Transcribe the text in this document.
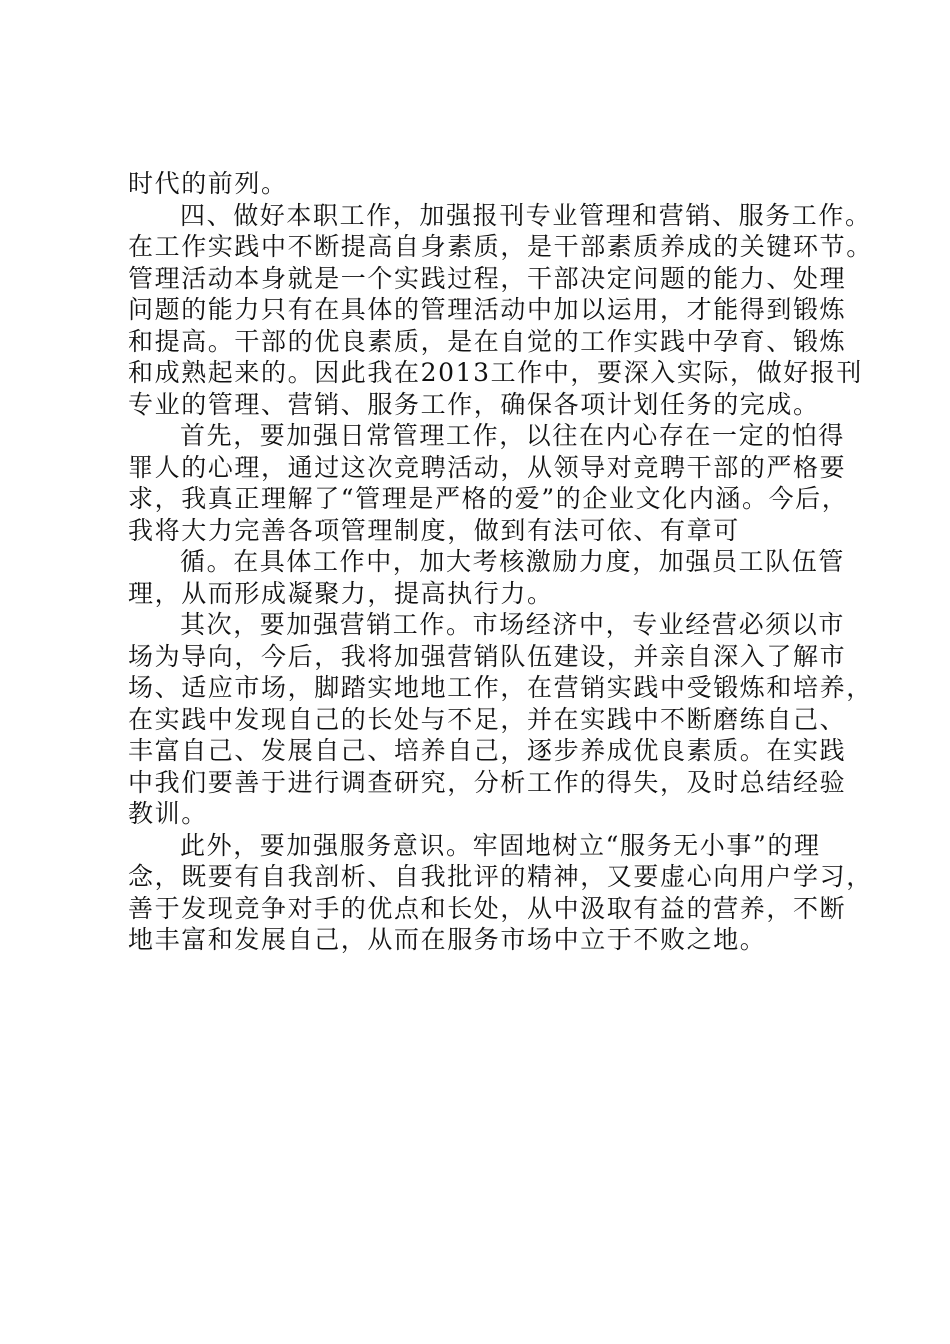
时代的前列。
四、做好本职工作，加强报刊专业管理和营销、服务工作。
在工作实践中不断提高自身素质，是干部素质养成的关键环节。
管理活动本身就是一个实践过程，干部决定问题的能力、处理
问题的能力只有在具体的管理活动中加以运用，才能得到锻炼
和提高。干部的优良素质，是在自觉的工作实践中孕育、锻炼
和成熟起来的。因此我在2013工作中，要深入实际，做好报刊
专业的管理、营销、服务工作，确保各项计划任务的完成。
首先，要加强日常管理工作，以往在内心存在一定的怕得
罪人的心理，通过这次竞聘活动，从领导对竞聘干部的严格要
求，我真正理解了“管理是严格的爱”的企业文化内涵。今后，
我将大力完善各项管理制度，做到有法可依、有章可
循。在具体工作中，加大考核激励力度，加强员工队伍管
理，从而形成凝聚力，提高执行力。
其次，要加强营销工作。市场经济中，专业经营必须以市
场为导向，今后，我将加强营销队伍建设，并亲自深入了解市
场、适应市场，脚踏实地地工作，在营销实践中受锻炼和培养，
在实践中发现自己的长处与不足，并在实践中不断磨练自己、
丰富自己、发展自己、培养自己，逐步养成优良素质。在实践
中我们要善于进行调查研究，分析工作的得失，及时总结经验
教训。
此外，要加强服务意识。牢固地树立“服务无小事”的理
念，既要有自我剖析、自我批评的精神，又要虚心向用户学习，
善于发现竞争对手的优点和长处，从中汲取有益的营养，不断
地丰富和发展自己，从而在服务市场中立于不败之地。
